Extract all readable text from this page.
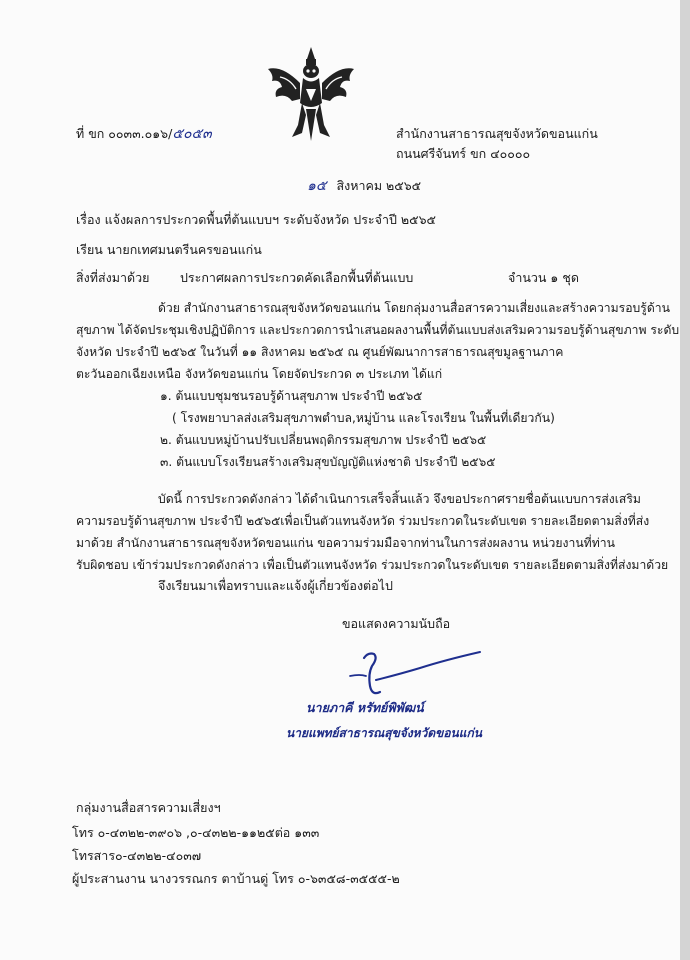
ที่ ขก ๐๐๓๓.๐๑๖/๕๐๕๓	สำนักงานสาธารณสุขจังหวัดขอนแก่น
ถนนศรีจันทร์ ขก ๔๐๐๐๐
๑๕ สิงหาคม ๒๕๖๕
เรื่อง แจ้งผลการประกวดพื้นที่ต้นแบบฯ ระดับจังหวัด ประจำปี ๒๕๖๕
เรียน นายกเทศมนตรีนครขอนแก่น
สิ่งที่ส่งมาด้วย ประกาศผลการประกวดคัดเลือกพื้นที่ต้นแบบ	จำนวน ๑ ชุด

ด้วย สำนักงานสาธารณสุขจังหวัดขอนแก่น โดยกลุ่มงานสื่อสารความเสี่ยงและสร้างความรอบรู้ด้าน

สุขภาพ ได้จัดประชุมเชิงปฏิบัติการ และประกวดการนำเสนอผลงานพื้นที่ต้นแบบส่งเสริมความรอบรู้ด้านสุขภาพ ระดับ

จังหวัด ประจำปี ๒๕๖๕ ในวันที่ ๑๑ สิงหาคม ๒๕๖๕ ณ ศูนย์พัฒนาการสาธารณสุขมูลฐานภาค

ตะวันออกเฉียงเหนือ จังหวัดขอนแก่น โดยจัดประกวด ๓ ประเภท ได้แก่

๑. ต้นแบบชุมชนรอบรู้ด้านสุขภาพ ประจำปี ๒๕๖๕

( โรงพยาบาลส่งเสริมสุขภาพตำบล,หมู่บ้าน และโรงเรียน ในพื้นที่เดียวกัน)

๒. ต้นแบบหมู่บ้านปรับเปลี่ยนพฤติกรรมสุขภาพ ประจำปี ๒๕๖๕

๓. ต้นแบบโรงเรียนสร้างเสริมสุขบัญญัติแห่งชาติ ประจำปี ๒๕๖๕

บัดนี้ การประกวดดังกล่าว ได้ดำเนินการเสร็จสิ้นแล้ว จึงขอประกาศรายชื่อต้นแบบการส่งเสริม

ความรอบรู้ด้านสุขภาพ ประจำปี ๒๕๖๕เพื่อเป็นตัวแทนจังหวัด ร่วมประกวดในระดับเขต รายละเอียดตามสิ่งที่ส่ง

มาด้วย สำนักงานสาธารณสุขจังหวัดขอนแก่น ขอความร่วมมือจากท่านในการส่งผลงาน หน่วยงานที่ท่าน

รับผิดชอบ เข้าร่วมประกวดดังกล่าว เพื่อเป็นตัวแทนจังหวัด ร่วมประกวดในระดับเขต รายละเอียดตามสิ่งที่ส่งมาด้วย

จึงเรียนมาเพื่อทราบและแจ้งผู้เกี่ยวข้องต่อไป
ขอแสดงความนับถือ
นายภาคี หรัทย์พิพัฒน์
นายแพทย์สาธารณสุขจังหวัดขอนแก่น
กลุ่มงานสื่อสารความเสี่ยงฯ
โทร ๐-๔๓๒๒-๓๙๐๖ ,๐-๔๓๒๒-๑๑๒๕ต่อ ๑๓๓
โทรสาร๐-๔๓๒๒-๔๐๓๗
ผู้ประสานงาน นางวรรณกร ตาบ้านดู่ โทร ๐-๖๓๕๘-๓๕๕๕-๒
